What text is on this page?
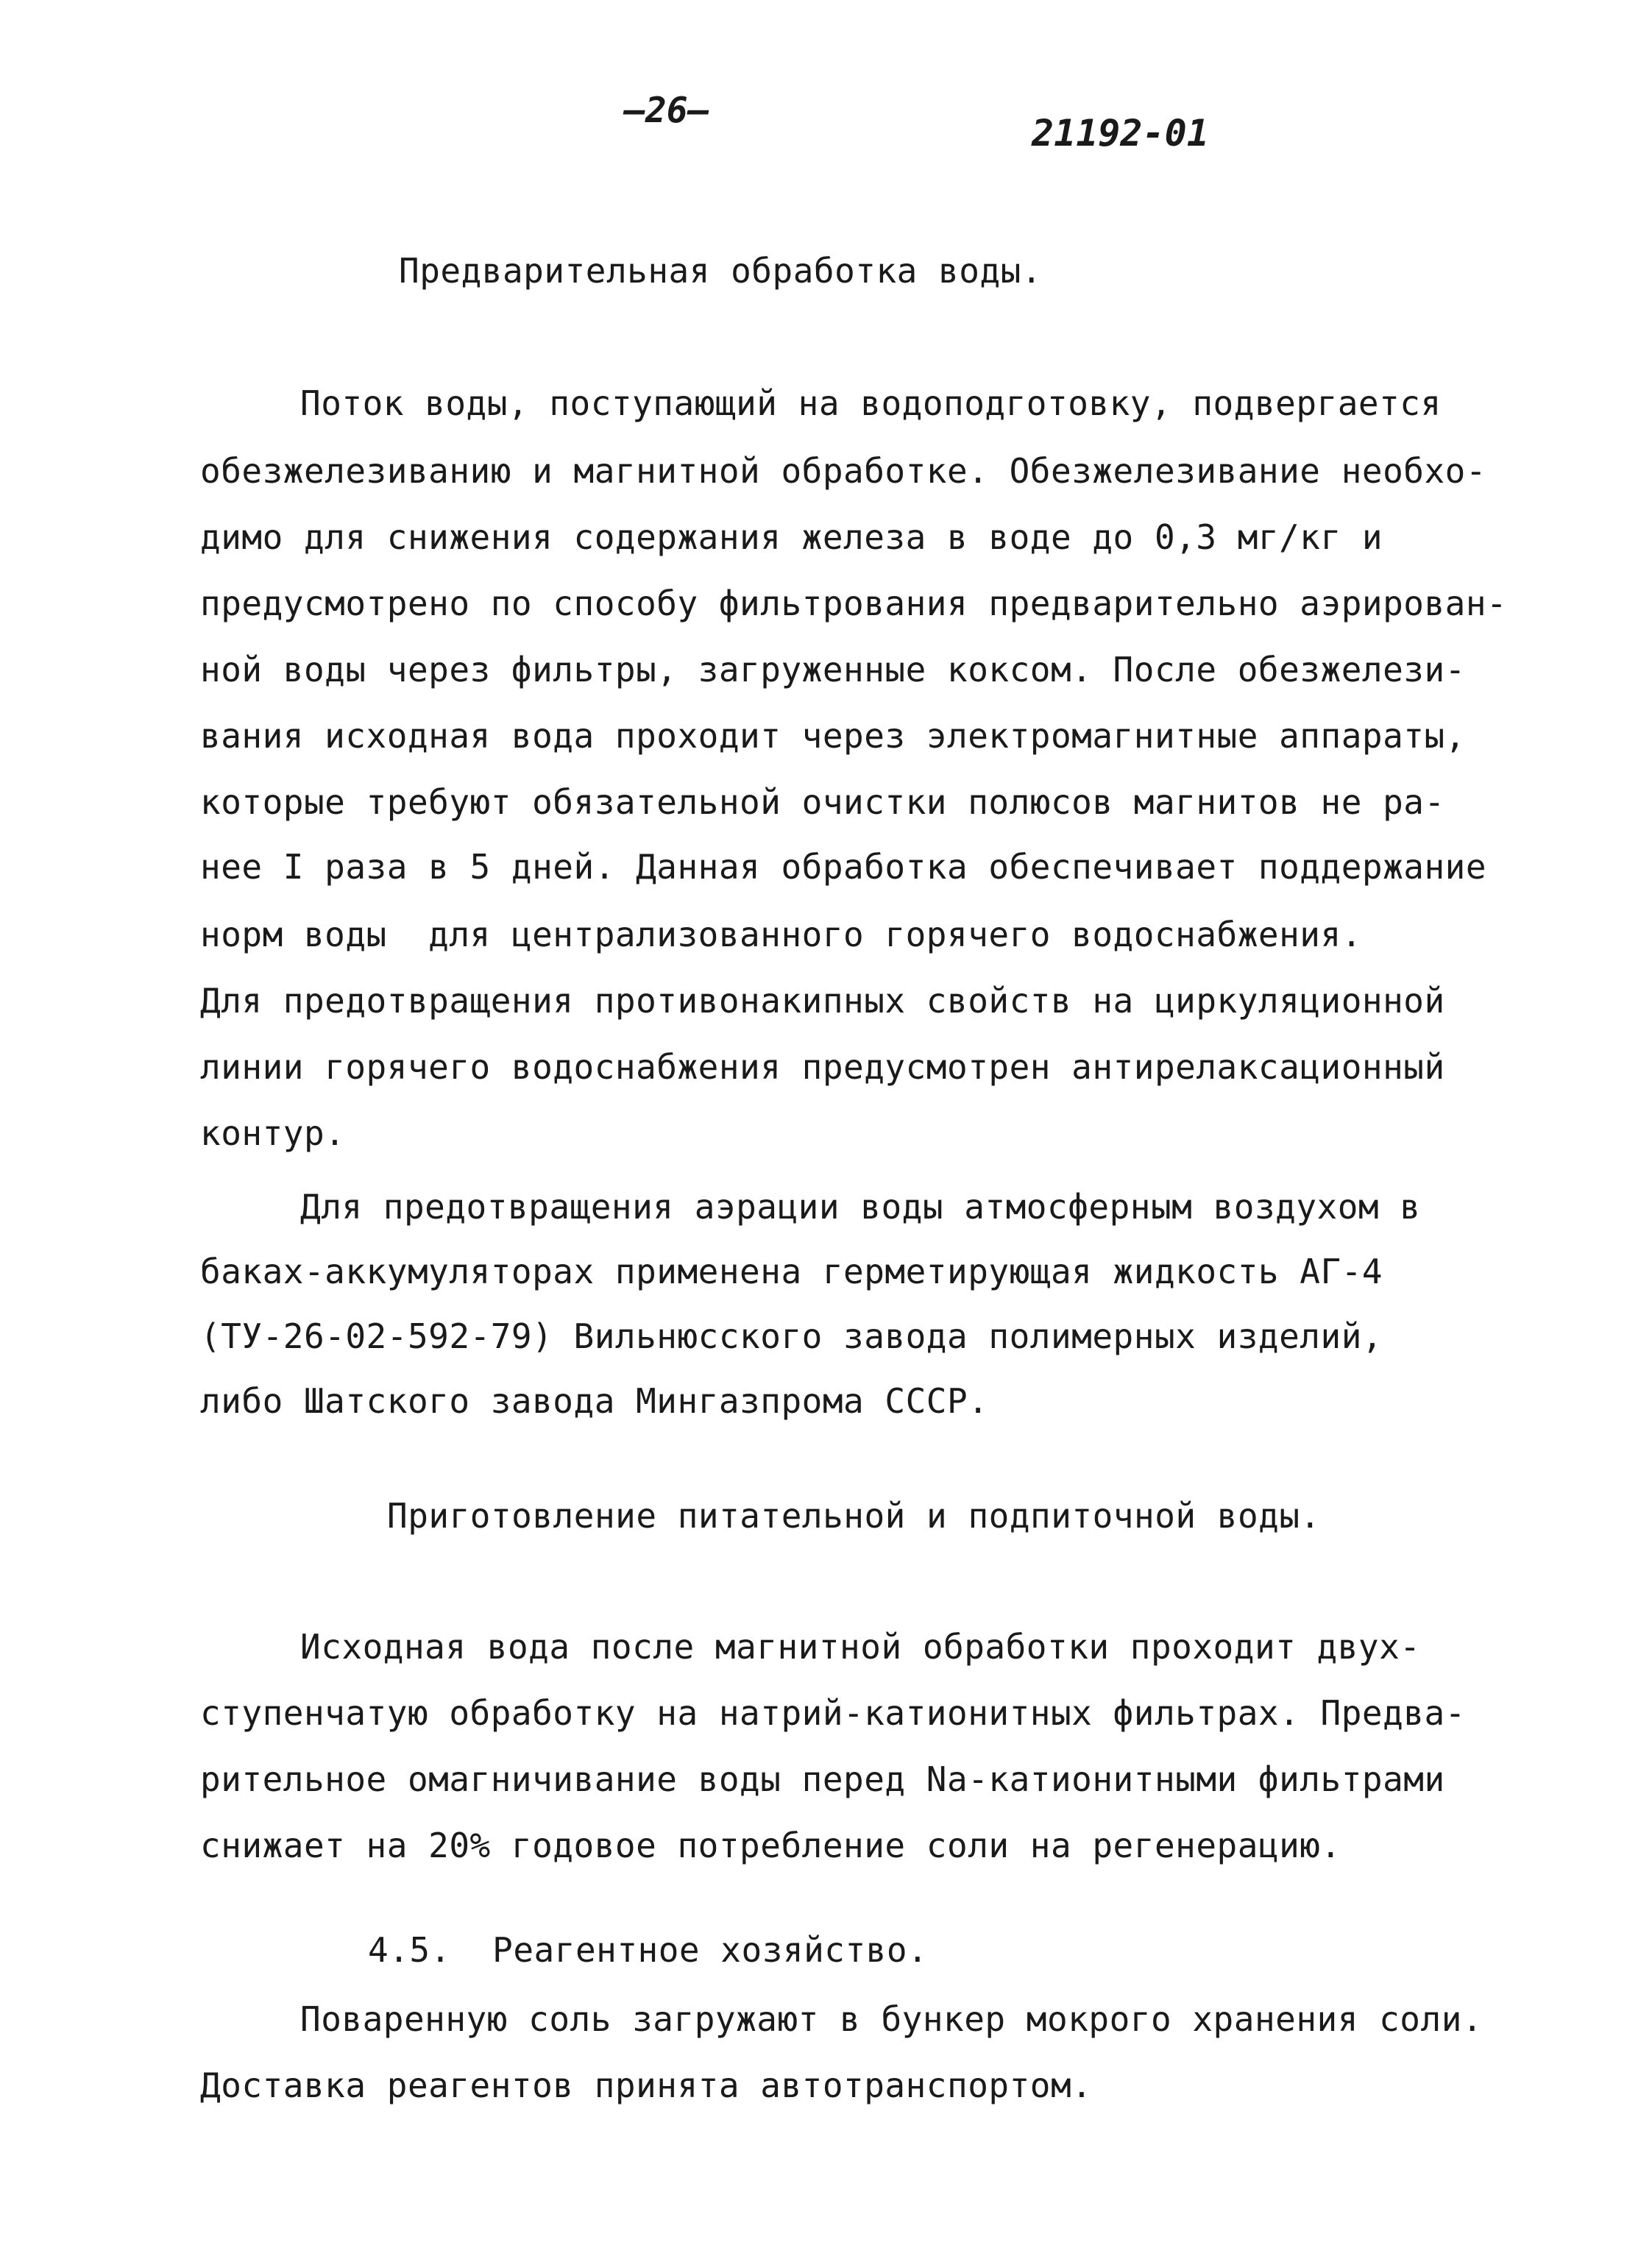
—26—
21192-01
Предварительная обработка воды.
Поток воды, поступающий на водоподготовку, подвергается
обезжелезиванию и магнитной обработке. Обезжелезивание необхо-
димо для снижения содержания железа в воде до 0,3 мг/кг и
предусмотрено по способу фильтрования предварительно аэрирован-
ной воды через фильтры, загруженные коксом. После обезжелези-
вания исходная вода проходит через электромагнитные аппараты,
которые требуют обязательной очистки полюсов магнитов не ра-
нее I раза в 5 дней. Данная обработка обеспечивает поддержание
норм воды  для централизованного горячего водоснабжения.
Для предотвращения противонакипных свойств на циркуляционной
линии горячего водоснабжения предусмотрен антирелаксационный
контур.
Для предотвращения аэрации воды атмосферным воздухом в
баках-аккумуляторах применена герметирующая жидкость АГ-4
(ТУ-26-02-592-79) Вильнюсского завода полимерных изделий,
либо Шатского завода Мингазпрома СССР.
Приготовление питательной и подпиточной воды.
Исходная вода после магнитной обработки проходит двух-
ступенчатую обработку на натрий-катионитных фильтрах. Предва-
рительное омагничивание воды перед Na-катионитными фильтрами
снижает на 20% годовое потребление соли на регенерацию.
4.5.  Реагентное хозяйство.
Поваренную соль загружают в бункер мокрого хранения соли.
Доставка реагентов принята автотранспортом.
